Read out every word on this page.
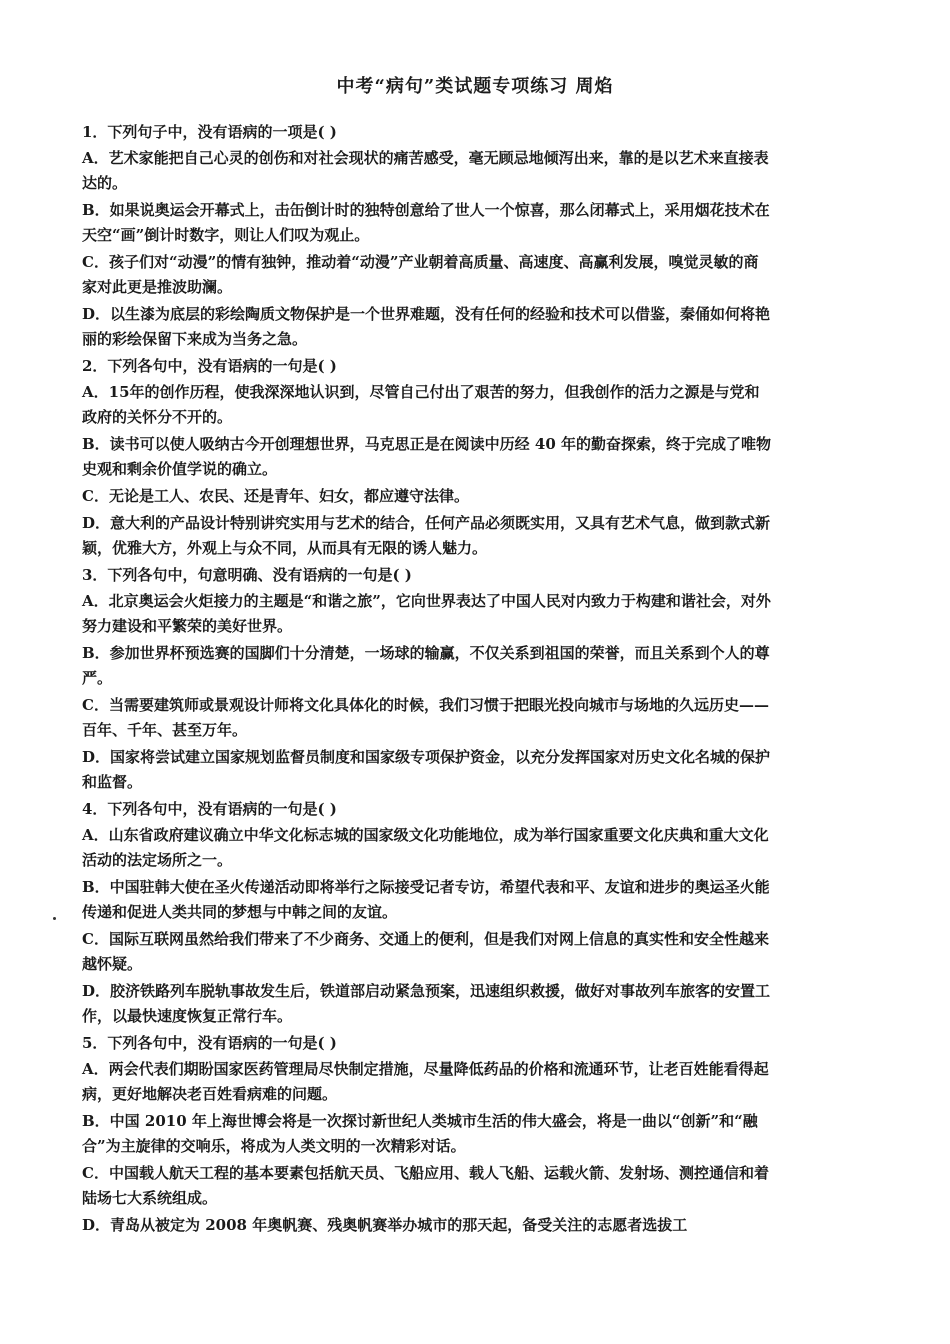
中考“病句”类试题专项练习 周焰
1．下列句子中，没有语病的一项是( )
A．艺术家能把自己心灵的创伤和对社会现状的痛苦感受，毫无顾忌地倾泻出来，靠的是以艺术来直接表达的。
B．如果说奥运会开幕式上，击缶倒计时的独特创意给了世人一个惊喜，那么闭幕式上，采用烟花技术在天空“画”倒计时数字，则让人们叹为观止。
C．孩子们对“动漫”的情有独钟，推动着“动漫”产业朝着高质量、高速度、高赢利发展，嗅觉灵敏的商家对此更是推波助澜。
D．以生漆为底层的彩绘陶质文物保护是一个世界难题，没有任何的经验和技术可以借鉴，秦俑如何将艳丽的彩绘保留下来成为当务之急。
2．下列各句中，没有语病的一句是( )
A．15年的创作历程，使我深深地认识到，尽管自己付出了艰苦的努力，但我创作的活力之源是与党和政府的关怀分不开的。
B．读书可以使人吸纳古今开创理想世界，马克思正是在阅读中历经 40 年的勤奋探索，终于完成了唯物史观和剩余价值学说的确立。
C．无论是工人、农民、还是青年、妇女，都应遵守法律。
D．意大利的产品设计特别讲究实用与艺术的结合，任何产品必须既实用，又具有艺术气息，做到款式新颖，优雅大方，外观上与众不同，从而具有无限的诱人魅力。
3．下列各句中，句意明确、没有语病的一句是( )
A．北京奥运会火炬接力的主题是“和谐之旅”，它向世界表达了中国人民对内致力于构建和谐社会，对外努力建设和平繁荣的美好世界。
B．参加世界杯预选赛的国脚们十分清楚，一场球的输赢，不仅关系到祖国的荣誉，而且关系到个人的尊严。
C．当需要建筑师或景观设计师将文化具体化的时候，我们习惯于把眼光投向城市与场地的久远历史——百年、千年、甚至万年。
D．国家将尝试建立国家规划监督员制度和国家级专项保护资金，以充分发挥国家对历史文化名城的保护和监督。
4．下列各句中，没有语病的一句是( )
A．山东省政府建议确立中华文化标志城的国家级文化功能地位，成为举行国家重要文化庆典和重大文化活动的法定场所之一。
B．中国驻韩大使在圣火传递活动即将举行之际接受记者专访，希望代表和平、友谊和进步的奥运圣火能传递和促进人类共同的梦想与中韩之间的友谊。
C．国际互联网虽然给我们带来了不少商务、交通上的便利，但是我们对网上信息的真实性和安全性越来越怀疑。
D．胶济铁路列车脱轨事故发生后，铁道部启动紧急预案，迅速组织救援，做好对事故列车旅客的安置工作，以最快速度恢复正常行车。
5．下列各句中，没有语病的一句是( )
A．两会代表们期盼国家医药管理局尽快制定措施，尽量降低药品的价格和流通环节，让老百姓能看得起病，更好地解决老百姓看病难的问题。
B．中国 2010 年上海世博会将是一次探讨新世纪人类城市生活的伟大盛会，将是一曲以“创新”和“融合”为主旋律的交响乐，将成为人类文明的一次精彩对话。
C．中国载人航天工程的基本要素包括航天员、飞船应用、载人飞船、运载火箭、发射场、测控通信和着陆场七大系统组成。
D．青岛从被定为 2008 年奥帆赛、残奥帆赛举办城市的那天起，备受关注的志愿者选拔工
